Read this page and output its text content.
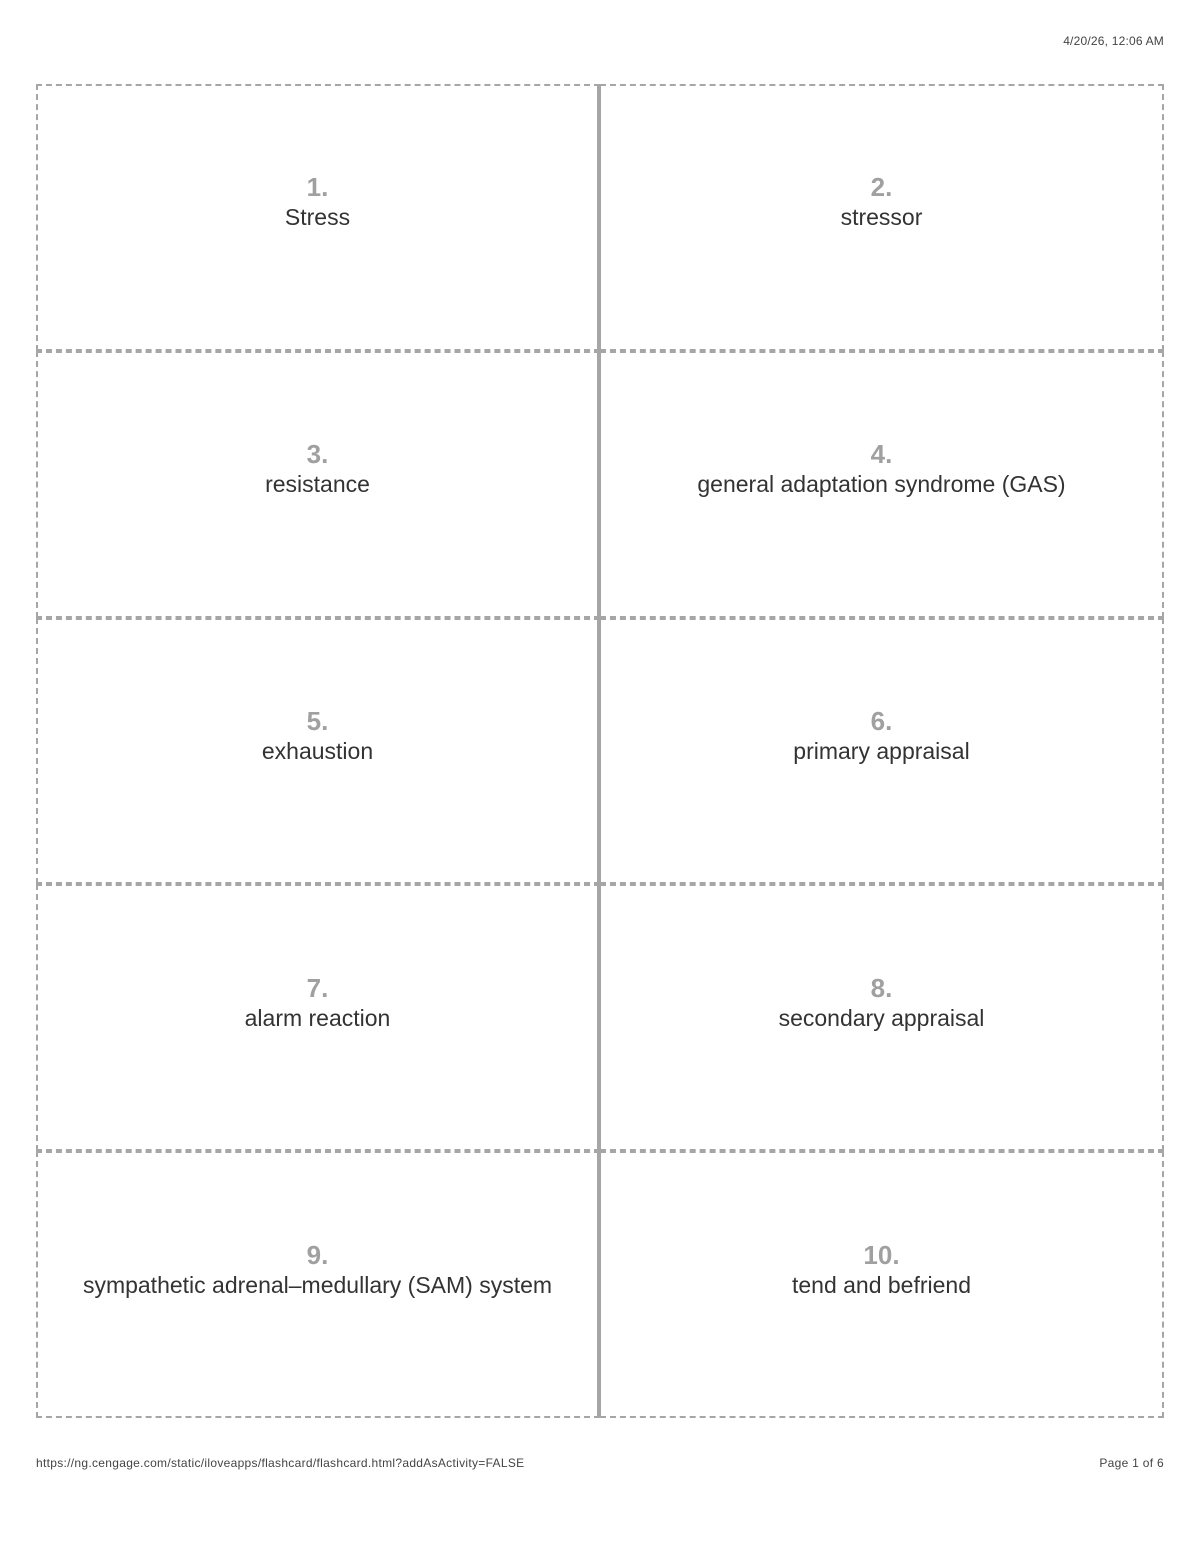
4/20/26, 12:06 AM
1.
Stress
2.
stressor
3.
resistance
4.
general adaptation syndrome (GAS)
5.
exhaustion
6.
primary appraisal
7.
alarm reaction
8.
secondary appraisal
9.
sympathetic adrenal–medullary (SAM) system
10.
tend and befriend
https://ng.cengage.com/static/iloveapps/flashcard/flashcard.html?addAsActivity=FALSE	Page 1 of 6
